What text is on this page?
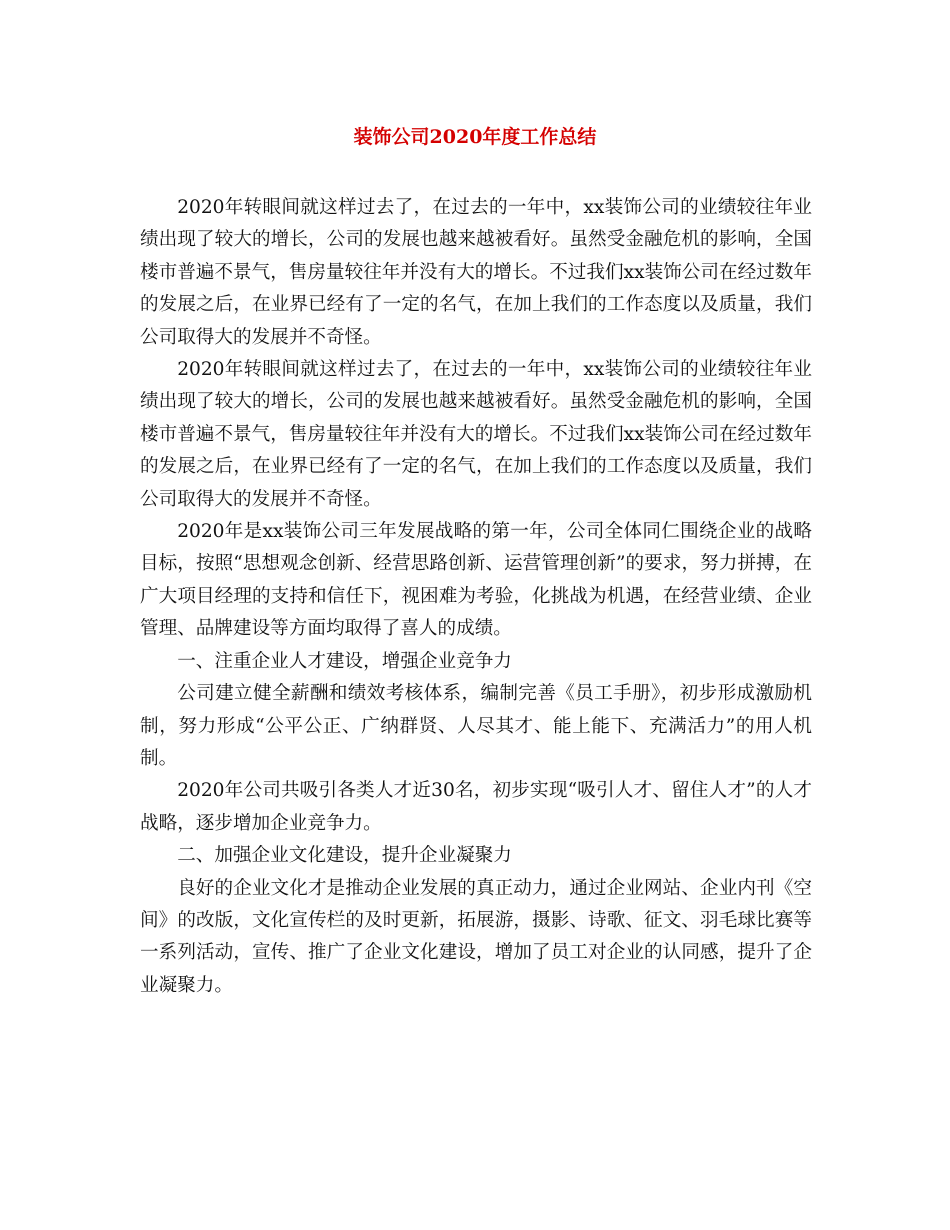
装饰公司2020年度工作总结

2020年转眼间就这样过去了，在过去的一年中，xx装饰公司的业绩较往年业绩出现了较大的增长，公司的发展也越来越被看好。虽然受金融危机的影响，全国楼市普遍不景气，售房量较往年并没有大的增长。不过我们xx装饰公司在经过数年的发展之后，在业界已经有了一定的名气，在加上我们的工作态度以及质量，我们公司取得大的发展并不奇怪。

2020年转眼间就这样过去了，在过去的一年中，xx装饰公司的业绩较往年业绩出现了较大的增长，公司的发展也越来越被看好。虽然受金融危机的影响，全国楼市普遍不景气，售房量较往年并没有大的增长。不过我们xx装饰公司在经过数年的发展之后，在业界已经有了一定的名气，在加上我们的工作态度以及质量，我们公司取得大的发展并不奇怪。

2020年是xx装饰公司三年发展战略的第一年，公司全体同仁围绕企业的战略目标，按照“思想观念创新、经营思路创新、运营管理创新”的要求，努力拼搏，在广大项目经理的支持和信任下，视困难为考验，化挑战为机遇，在经营业绩、企业管理、品牌建设等方面均取得了喜人的成绩。

一、注重企业人才建设，增强企业竞争力

公司建立健全薪酬和绩效考核体系，编制完善《员工手册》，初步形成激励机制，努力形成“公平公正、广纳群贤、人尽其才、能上能下、充满活力”的用人机制。

2020年公司共吸引各类人才近30名，初步实现“吸引人才、留住人才”的人才战略，逐步增加企业竞争力。

二、加强企业文化建设，提升企业凝聚力

良好的企业文化才是推动企业发展的真正动力，通过企业网站、企业内刊《空间》的改版，文化宣传栏的及时更新，拓展游，摄影、诗歌、征文、羽毛球比赛等一系列活动，宣传、推广了企业文化建设，增加了员工对企业的认同感，提升了企业凝聚力。
